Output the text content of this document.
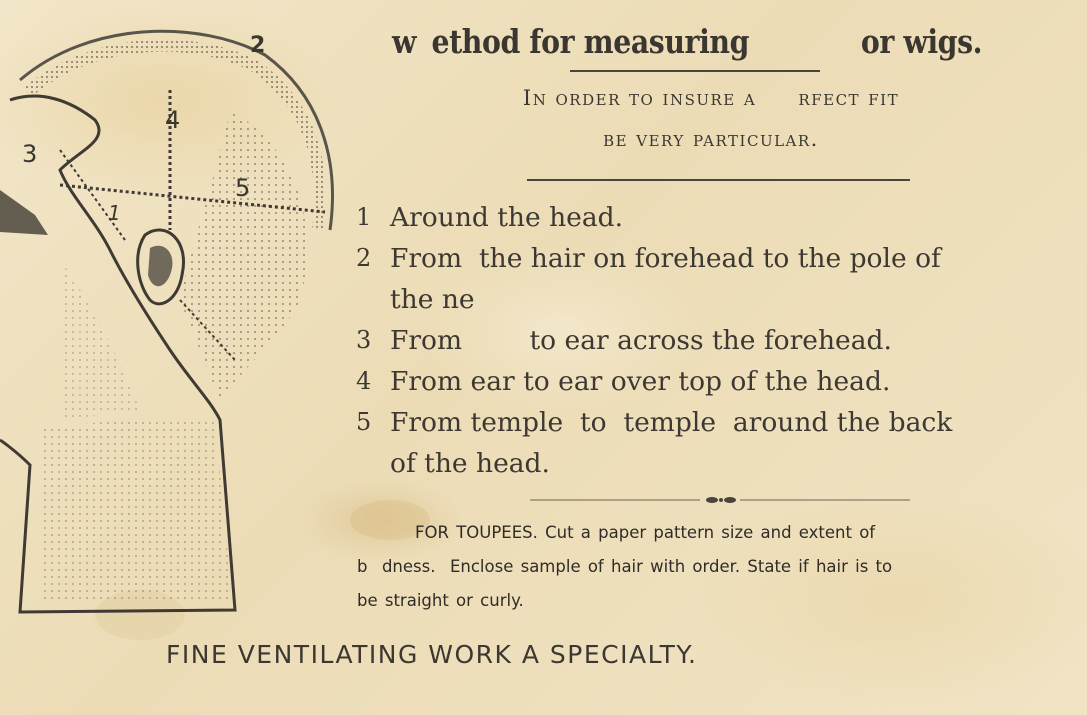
2
4
3
5
1
w ethod for measuring	or wigs.
In order to insure a rfect fit
be very particular.
1 Around the head.
2 From  the hair on forehead to the pole of
the ne
3 From        to ear across the forehead.
4 From ear to ear over top of the head.
5 From temple  to  temple  around the back
of the head.
FOR TOUPEES. Cut a paper pattern size and extent of
b  dness.  Enclose sample of hair with order. State if hair is to
be straight or curly.
FINE VENTILATING WORK A SPECIALTY.
